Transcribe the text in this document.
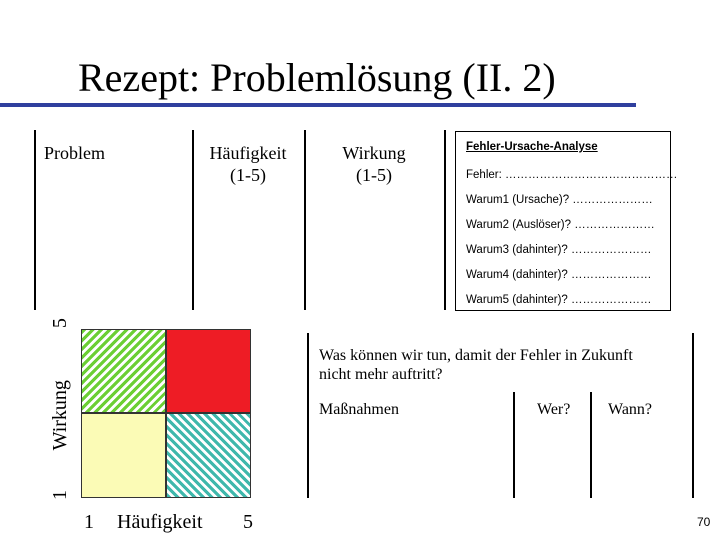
Rezept: Problemlösung (II. 2)
Problem	Häufigkeit
(1-5)
Wirkung
(1-5)
Fehler-Ursache-Analyse
Fehler: ………………………………………
Warum1 (Ursache)? …………………
Warum2 (Auslöser)? …………………
Warum3 (dahinter)? …………………
Warum4 (dahinter)? …………………
Warum5 (dahinter)? …………………
1  Wirkung  5
1 Häufigkeit 5
Was können wir tun, damit der Fehler in Zukunft
nicht mehr auftritt?
Maßnahmen	Wer? Wann?
70
